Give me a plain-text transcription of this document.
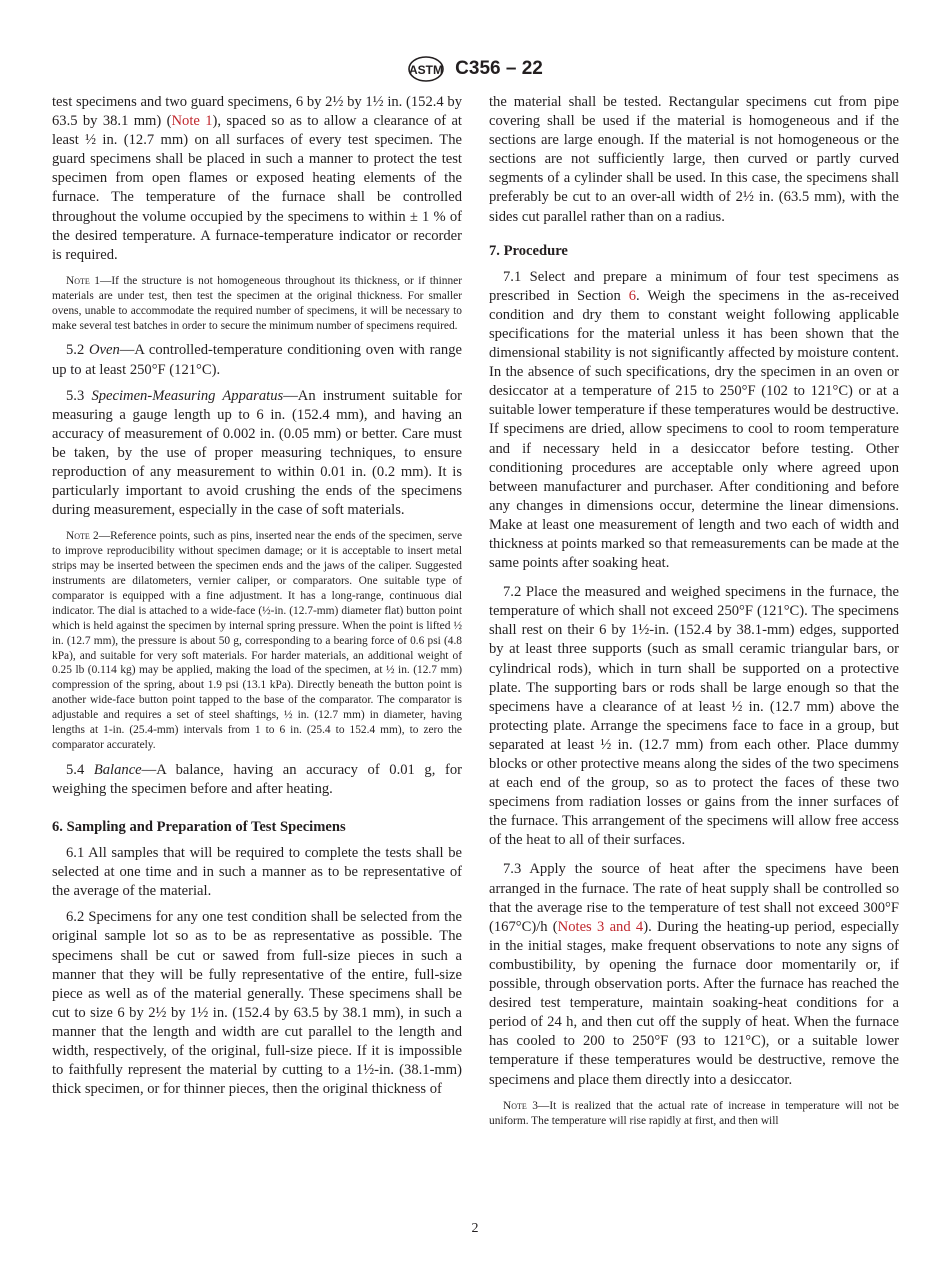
ASTM C356 – 22

test specimens and two guard specimens, 6 by 2½ by 1½ in. (152.4 by 63.5 by 38.1 mm) (Note 1), spaced so as to allow a clearance of at least ½ in. (12.7 mm) on all surfaces of every test specimen. The guard specimens shall be placed in such a manner to protect the test specimen from open flames or exposed heating elements of the furnace. The temperature of the furnace shall be controlled throughout the volume occupied by the specimens to within ± 1 % of the desired temperature. A furnace-temperature indicator or recorder is required.

Note 1—If the structure is not homogeneous throughout its thickness, or if thinner materials are under test, then test the specimen at the original thickness. For smaller ovens, unable to accommodate the required number of specimens, it will be necessary to make several test batches in order to secure the minimum number of specimens required.

5.2 Oven—A controlled-temperature conditioning oven with range up to at least 250°F (121°C).

5.3 Specimen-Measuring Apparatus—An instrument suitable for measuring a gauge length up to 6 in. (152.4 mm), and having an accuracy of measurement of 0.002 in. (0.05 mm) or better. Care must be taken, by the use of proper measuring techniques, to ensure reproduction of any measurement to within 0.01 in. (0.2 mm). It is particularly important to avoid crushing the ends of the specimens during measurement, especially in the case of soft materials.

Note 2—Reference points, such as pins, inserted near the ends of the specimen, serve to improve reproducibility without specimen damage; or it is acceptable to insert metal strips may be inserted between the specimen ends and the jaws of the caliper. Suggested instruments are dilatometers, vernier caliper, or comparators. One suitable type of comparator is equipped with a fine adjustment. It has a long-range, continuous dial indicator. The dial is attached to a wide-face (½-in. (12.7-mm) diameter flat) button point which is held against the specimen by internal spring pressure. When the point is lifted ½ in. (12.7 mm), the pressure is about 50 g, corresponding to a bearing force of 0.6 psi (4.8 kPa), and suitable for very soft materials. For harder materials, an additional weight of 0.25 lb (0.114 kg) may be applied, making the load of the specimen, at ½ in. (12.7 mm) compression of the spring, about 1.9 psi (13.1 kPa). Directly beneath the button point is another wide-face button point tapped to the base of the comparator. The comparator is adjustable and requires a set of steel shaftings, ½ in. (12.7 mm) in diameter, having lengths at 1-in. (25.4-mm) intervals from 1 to 6 in. (25.4 to 152.4 mm), to zero the comparator accurately.

5.4 Balance—A balance, having an accuracy of 0.01 g, for weighing the specimen before and after heating.

6. Sampling and Preparation of Test Specimens

6.1 All samples that will be required to complete the tests shall be selected at one time and in such a manner as to be representative of the average of the material.

6.2 Specimens for any one test condition shall be selected from the original sample lot so as to be as representative as possible. The specimens shall be cut or sawed from full-size pieces in such a manner that they will be fully representative of the entire, full-size piece as well as of the material generally. These specimens shall be cut to size 6 by 2½ by 1½ in. (152.4 by 63.5 by 38.1 mm), in such a manner that the length and width are cut parallel to the length and width, respectively, of the original, full-size piece. If it is impossible to faithfully represent the material by cutting to a 1½-in. (38.1-mm) thick specimen, or for thinner pieces, then the original thickness of

the material shall be tested. Rectangular specimens cut from pipe covering shall be used if the material is homogeneous and if the sections are large enough. If the material is not homogeneous or the sections are not sufficiently large, then curved or partly curved segments of a cylinder shall be used. In this case, the specimens shall preferably be cut to an over-all width of 2½ in. (63.5 mm), with the sides cut parallel rather than on a radius.

7. Procedure

7.1 Select and prepare a minimum of four test specimens as prescribed in Section 6. Weigh the specimens in the as-received condition and dry them to constant weight following applicable specifications for the material unless it has been shown that the dimensional stability is not significantly affected by moisture content. In the absence of such specifications, dry the specimen in an oven or desiccator at a temperature of 215 to 250°F (102 to 121°C) or at a suitable lower temperature if these temperatures would be destructive. If specimens are dried, allow specimens to cool to room temperature and if necessary held in a desiccator before testing. Other conditioning procedures are acceptable only where agreed upon between manufacturer and purchaser. After conditioning and before any changes in dimensions occur, determine the linear dimensions. Make at least one measurement of length and two each of width and thickness at points marked so that remeasurements can be made at the same points after soaking heat.

7.2 Place the measured and weighed specimens in the furnace, the temperature of which shall not exceed 250°F (121°C). The specimens shall rest on their 6 by 1½-in. (152.4 by 38.1-mm) edges, supported by at least three supports (such as small ceramic triangular bars, or cylindrical rods), which in turn shall be supported on a protective plate. The supporting bars or rods shall be large enough so that the specimens have a clearance of at least ½ in. (12.7 mm) above the protecting plate. Arrange the specimens face to face in a group, but separated at least ½ in. (12.7 mm) from each other. Place dummy blocks or other protective means along the sides of the two specimens at each end of the group, so as to protect the faces of these two specimens from radiation losses or gains from the inner surfaces of the furnace. This arrangement of the specimens will allow free access of the heat to all of their surfaces.

7.3 Apply the source of heat after the specimens have been arranged in the furnace. The rate of heat supply shall be controlled so that the average rise to the temperature of test shall not exceed 300°F (167°C)/h (Notes 3 and 4). During the heating-up period, especially in the initial stages, make frequent observations to note any signs of combustibility, by opening the furnace door momentarily or, if possible, through observation ports. After the furnace has reached the desired test temperature, maintain soaking-heat conditions for a period of 24 h, and then cut off the supply of heat. When the furnace has cooled to 200 to 250°F (93 to 121°C), or a suitable lower temperature if these temperatures would be destructive, remove the specimens and place them directly into a desiccator.

Note 3—It is realized that the actual rate of increase in temperature will not be uniform. The temperature will rise rapidly at first, and then will

2
